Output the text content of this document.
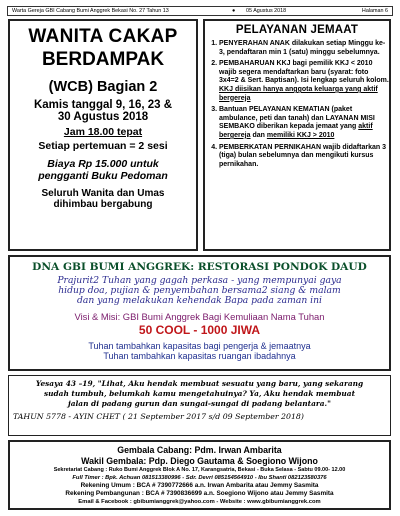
Warta Gereja GBI Cabang Bumi Anggrek Bekasi No. 27 Tahun 13	● 05 Agustus 2018	Halaman 6
WANITA CAKAP
BERDAMPAK
(WCB) Bagian 2
Kamis tanggal 9, 16, 23 &
30 Agustus 2018
Jam 18.00 tepat
Setiap pertemuan = 2 sesi
Biaya Rp 15.000 untuk
pengganti Buku Pedoman
Seluruh Wanita dan Umas
dihimbau bergabung
PELAYANAN JEMAAT
1. PENYERAHAN ANAK dilakukan setiap Minggu ke-3, pendaftaran min 1 (satu) minggu sebelumnya.
2. PEMBAHARUAN KKJ bagi pemilik KKJ < 2010 wajib segera mendaftarkan baru (syarat: foto 3x4=2 & Sert. Baptisan). Isi lengkap seluruh kolom. KKJ diisikan hanya anggota keluarga yang aktif bergereja
3. Bantuan PELAYANAN KEMATIAN (paket ambulance, peti dan tanah) dan LAYANAN MISI SEMBAKO diberikan kepada jemaat yang aktif bergereja dan memiliki KKJ > 2010
4. PEMBERKATAN PERNIKAHAN wajib didaftarkan 3 (tiga) bulan sebelumnya dan mengikuti kursus pernikahan.
DNA GBI BUMI ANGGREK: RESTORASI PONDOK DAUD
Prajurit2 Tuhan yang gagah perkasa - yang mempunyai gaya
hidup doa, pujian & penyembahan bersama2 siang & malam
dan yang melakukan kehendak Bapa pada zaman ini
Visi & Misi: GBI Bumi Anggrek Bagi Kemuliaan Nama Tuhan
50 COOL - 1000 JIWA
Tuhan tambahkan kapasitas bagi pengerja & jemaatnya
Tuhan tambahkan kapasitas ruangan ibadahnya
Yesaya 43 –19, "Lihat, Aku hendak membuat sesuatu yang baru, yang sekarang
sudah tumbuh, belumkah kamu mengetahuinya? Ya, Aku hendak membuat
jalan di padang gurun dan sungai-sungai di padang belantara."
TAHUN 5778 - AYIN CHET ( 21 September 2017 s/d 09 September 2018)
Gembala Cabang: Pdm. Irwan Ambarita
Wakil Gembala: Pdp. Diego Gautama & Soegiono Wijono
Sekretariat Cabang : Ruko Bumi Anggrek Blok A No. 17, Karangsatria, Bekasi - Buka Selasa - Sabtu 09.00- 12.00
Full Timer : Bpk. Achuan 081513380996 - Sdr. Devri 085154564910 - Ibu Shanti 082123580376
Rekening Umum : BCA # 7390772666 a.n. Irwan Ambarita atau Jemmy Sasmita
Rekening Pembangunan : BCA # 7390836699 a.n. Soegiono Wijono atau Jemmy Sasmita
Email & Facebook : gbibumianggrek@yahoo.com - Website : www.gbibumianggrek.com
